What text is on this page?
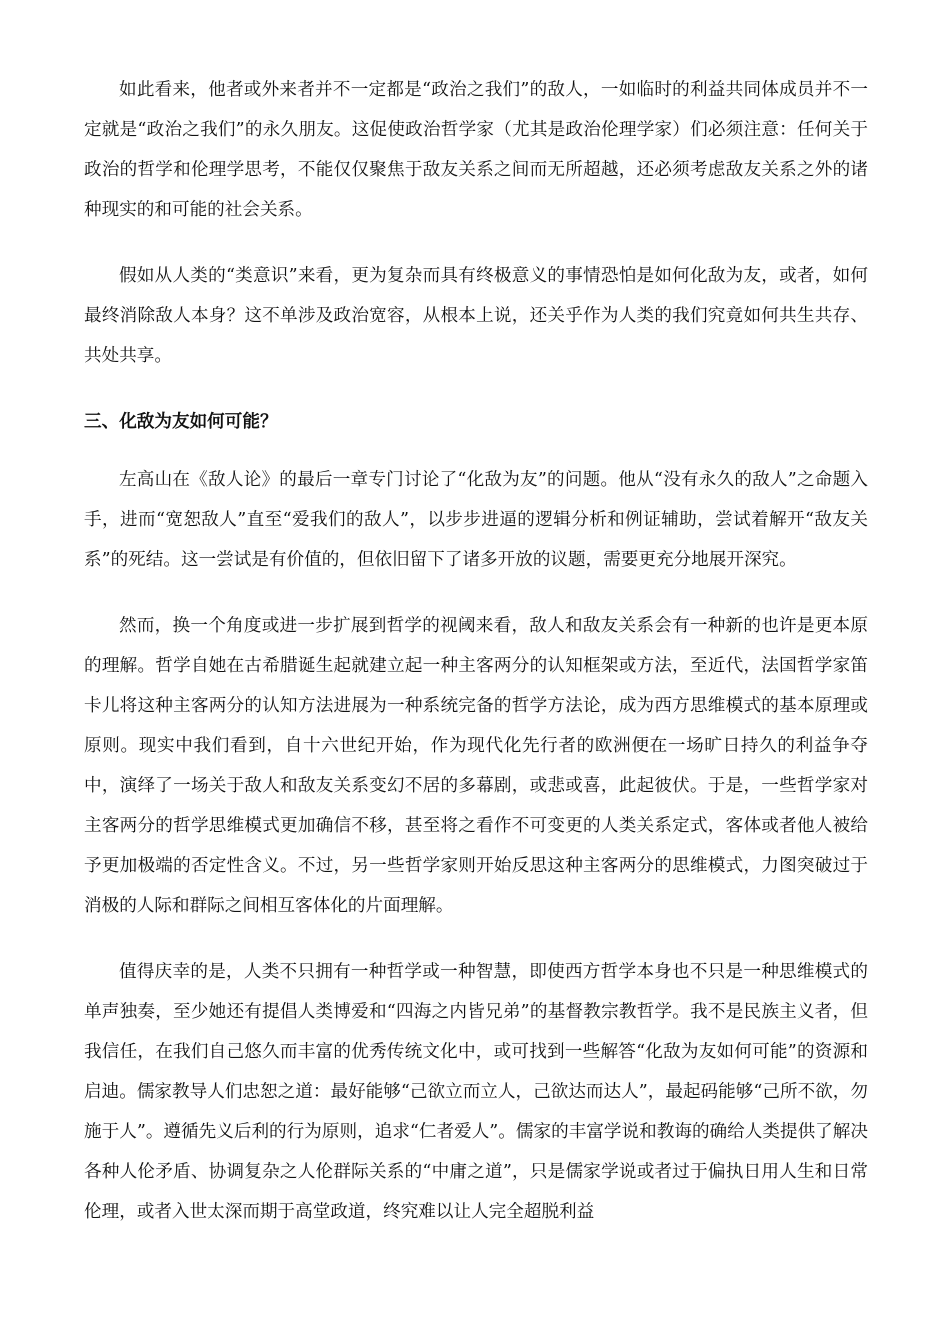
如此看来，他者或外来者并不一定都是“政治之我们”的敌人，一如临时的利益共同体成员并不一定就是“政治之我们”的永久朋友。这促使政治哲学家（尤其是政治伦理学家）们必须注意：任何关于政治的哲学和伦理学思考，不能仅仅聚焦于敌友关系之间而无所超越，还必须考虑敌友关系之外的诸种现实的和可能的社会关系。

假如从人类的“类意识”来看，更为复杂而具有终极意义的事情恐怕是如何化敌为友，或者，如何最终消除敌人本身？这不单涉及政治宽容，从根本上说，还关乎作为人类的我们究竟如何共生共存、共处共享。

三、化敌为友如何可能？

左高山在《敌人论》的最后一章专门讨论了“化敌为友”的问题。他从“没有永久的敌人”之命题入手，进而“宽恕敌人”直至“爱我们的敌人”，以步步进逼的逻辑分析和例证辅助，尝试着解开“敌友关系”的死结。这一尝试是有价值的，但依旧留下了诸多开放的议题，需要更充分地展开深究。

然而，换一个角度或进一步扩展到哲学的视阈来看，敌人和敌友关系会有一种新的也许是更本原的理解。哲学自她在古希腊诞生起就建立起一种主客两分的认知框架或方法，至近代，法国哲学家笛卡儿将这种主客两分的认知方法进展为一种系统完备的哲学方法论，成为西方思维模式的基本原理或原则。现实中我们看到，自十六世纪开始，作为现代化先行者的欧洲便在一场旷日持久的利益争夺中，演绎了一场关于敌人和敌友关系变幻不居的多幕剧，或悲或喜，此起彼伏。于是，一些哲学家对主客两分的哲学思维模式更加确信不移，甚至将之看作不可变更的人类关系定式，客体或者他人被给予更加极端的否定性含义。不过，另一些哲学家则开始反思这种主客两分的思维模式，力图突破过于消极的人际和群际之间相互客体化的片面理解。

值得庆幸的是，人类不只拥有一种哲学或一种智慧，即使西方哲学本身也不只是一种思维模式的单声独奏，至少她还有提倡人类博爱和“四海之内皆兄弟”的基督教宗教哲学。我不是民族主义者，但我信任，在我们自己悠久而丰富的优秀传统文化中，或可找到一些解答“化敌为友如何可能”的资源和启迪。儒家教导人们忠恕之道：最好能够“己欲立而立人，己欲达而达人”，最起码能够“己所不欲，勿施于人”。遵循先义后利的行为原则，追求“仁者爱人”。儒家的丰富学说和教诲的确给人类提供了解决各种人伦矛盾、协调复杂之人伦群际关系的“中庸之道”，只是儒家学说或者过于偏执日用人生和日常伦理，或者入世太深而期于高堂政道，终究难以让人完全超脱利益
